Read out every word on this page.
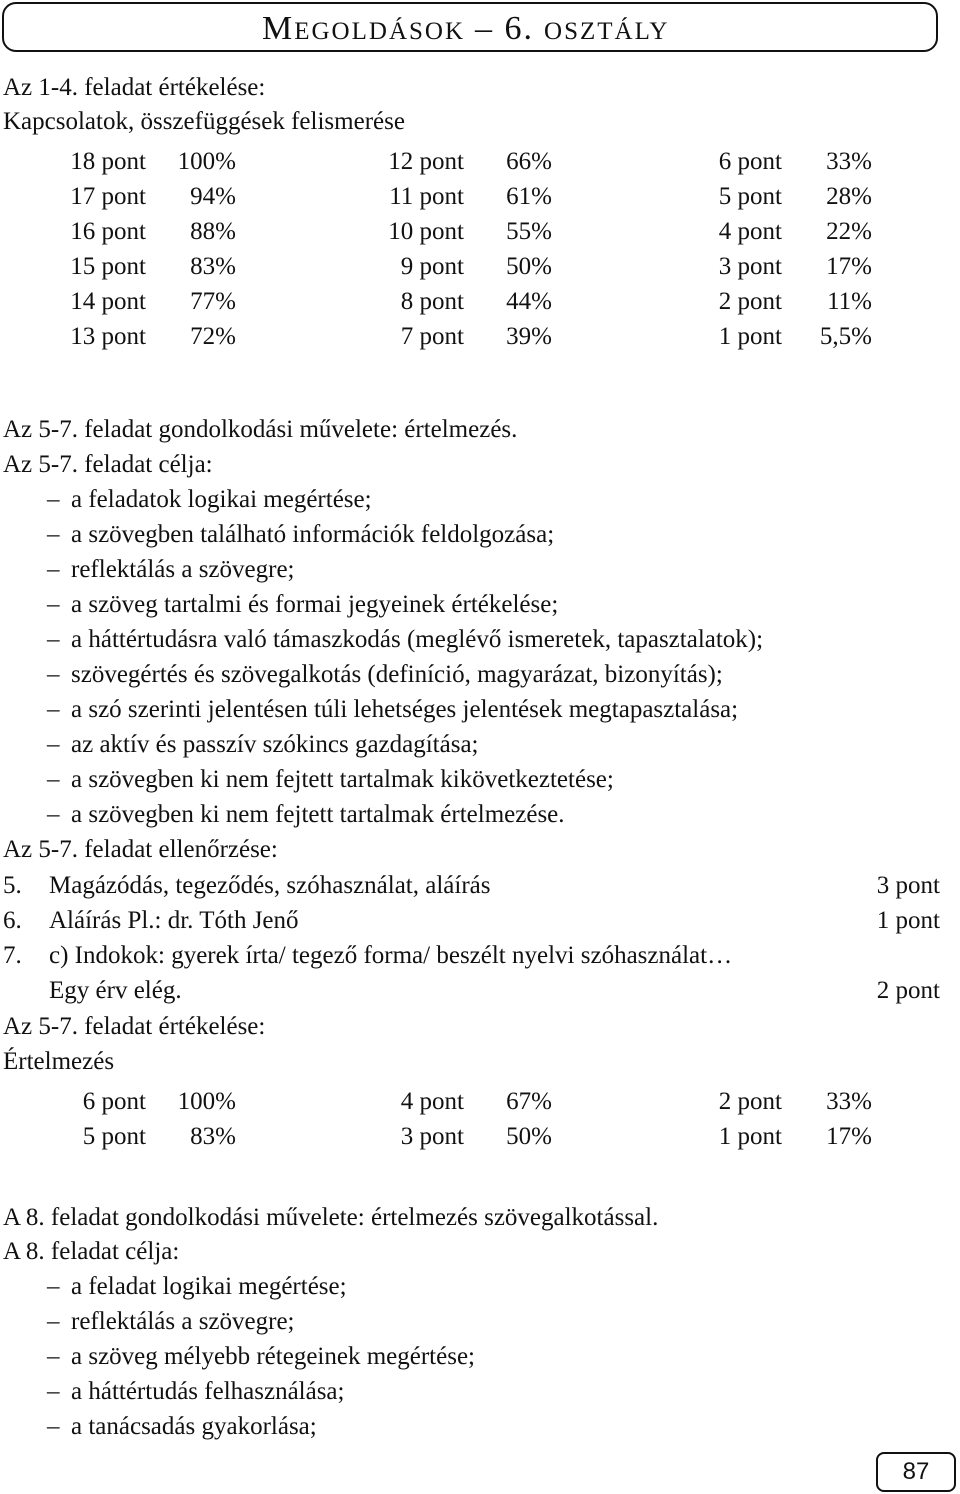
MEGOLDÁSOK – 6. OSZTÁLY
Az 1-4. feladat értékelése:
Kapcsolatok, összefüggések felismerése
18 pont	100%	12 pont	66%	6 pont	33%
17 pont	94%	11 pont	61%	5 pont	28%
16 pont	88%	10 pont	55%	4 pont	22%
15 pont	83%	9 pont	50%	3 pont	17%
14 pont	77%	8 pont	44%	2 pont	11%
13 pont	72%	7 pont	39%	1 pont	5,5%
Az 5-7. feladat gondolkodási művelete: értelmezés.
Az 5-7. feladat célja:
– a feladatok logikai megértése;
– a szövegben található információk feldolgozása;
– reflektálás a szövegre;
– a szöveg tartalmi és formai jegyeinek értékelése;
– a háttértudásra való támaszkodás (meglévő ismeretek, tapasztalatok);
– szövegértés és szövegalkotás (definíció, magyarázat, bizonyítás);
– a szó szerinti jelentésen túli lehetséges jelentések megtapasztalása;
– az aktív és passzív szókincs gazdagítása;
– a szövegben ki nem fejtett tartalmak kikövetkeztetése;
– a szövegben ki nem fejtett tartalmak értelmezése.
Az 5-7. feladat ellenőrzése:
5. Magázódás, tegeződés, szóhasználat, aláírás	3 pont
6. Aláírás Pl.: dr. Tóth Jenő	1 pont
7. c) Indokok: gyerek írta/ tegező forma/ beszélt nyelvi szóhasználat…
Egy érv elég.	2 pont
Az 5-7. feladat értékelése:
Értelmezés
6 pont	100%	4 pont	67%	2 pont	33%
5 pont	83%	3 pont	50%	1 pont	17%
A 8. feladat gondolkodási művelete: értelmezés szövegalkotással.
A 8. feladat célja:
– a feladat logikai megértése;
– reflektálás a szövegre;
– a szöveg mélyebb rétegeinek megértése;
– a háttértudás felhasználása;
– a tanácsadás gyakorlása;
87
